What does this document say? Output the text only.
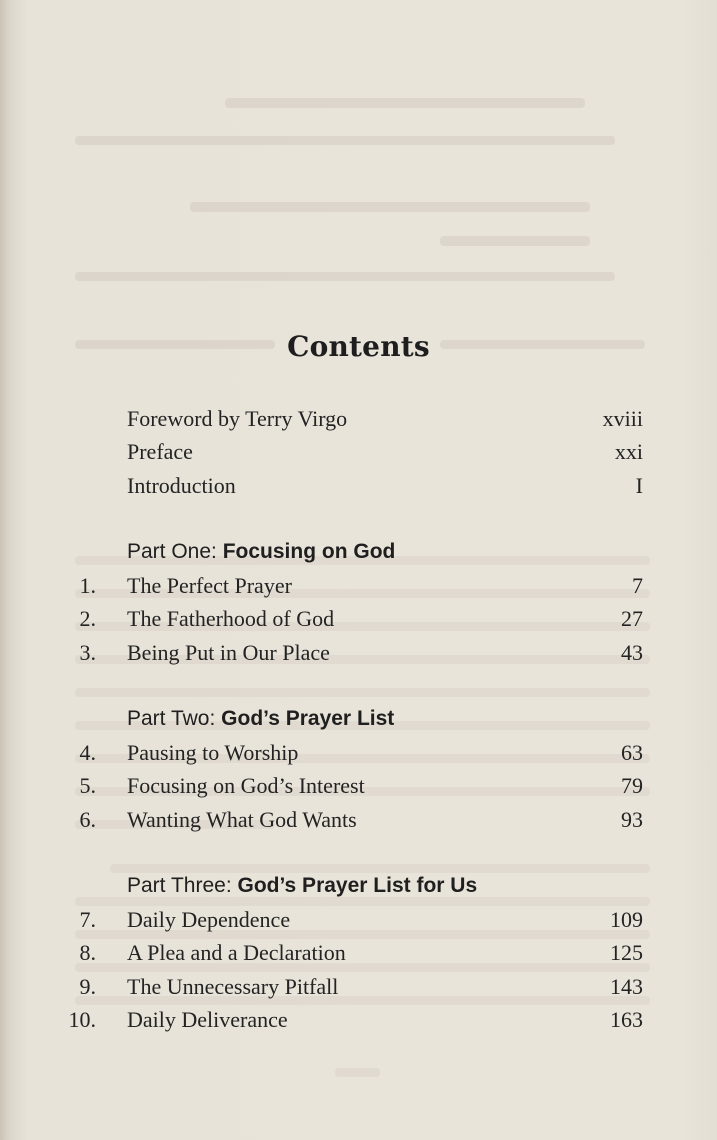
Contents
Foreword by Terry Virgo	xviii
Preface	xxi
Introduction	I
Part One: Focusing on God
1. The Perfect Prayer	7
2. The Fatherhood of God	27
3. Being Put in Our Place	43
Part Two: God’s Prayer List
4. Pausing to Worship	63
5. Focusing on God’s Interest	79
6. Wanting What God Wants	93
Part Three: God’s Prayer List for Us
7. Daily Dependence	109
8. A Plea and a Declaration	125
9. The Unnecessary Pitfall	143
10. Daily Deliverance	163
